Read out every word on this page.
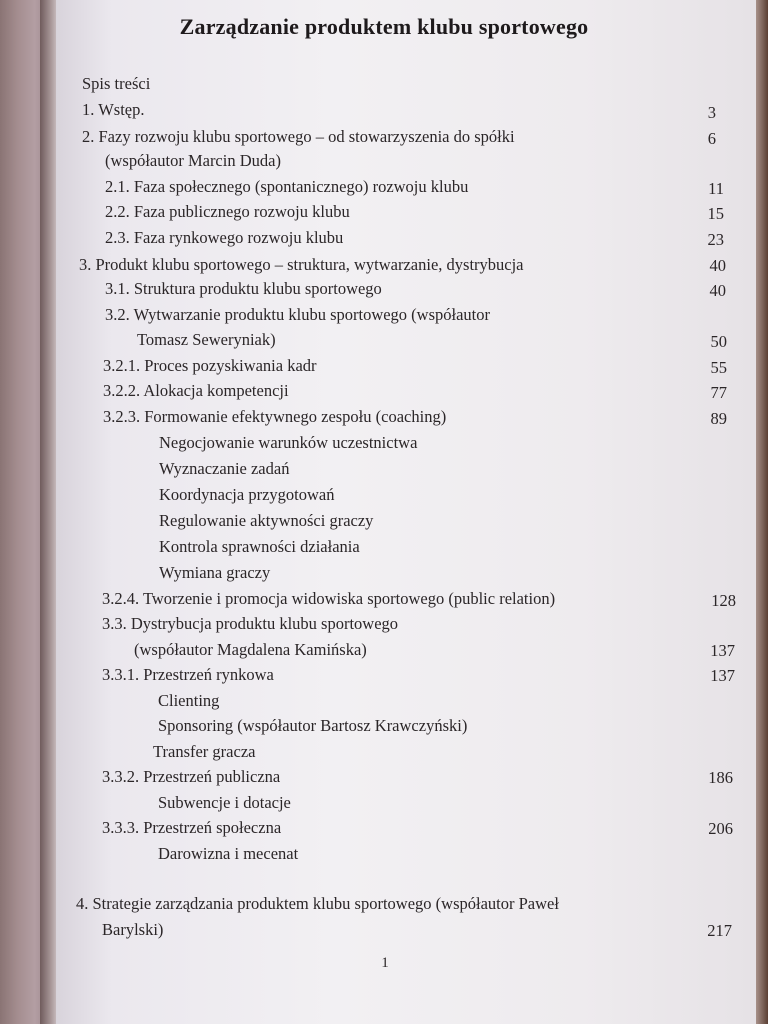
Zarządzanie produktem klubu sportowego
Spis treści
1. Wstęp.	3
2. Fazy rozwoju klubu sportowego – od stowarzyszenia do spółki	6
(współautor Marcin Duda)
2.1. Faza społecznego (spontanicznego) rozwoju klubu	11
2.2. Faza publicznego rozwoju klubu	15
2.3. Faza rynkowego rozwoju klubu	23
3. Produkt klubu sportowego – struktura, wytwarzanie, dystrybucja	40
3.1. Struktura produktu klubu sportowego	40
3.2. Wytwarzanie produktu klubu sportowego (współautor
Tomasz Seweryniak)	50
3.2.1. Proces pozyskiwania kadr	55
3.2.2. Alokacja kompetencji	77
3.2.3. Formowanie efektywnego zespołu (coaching)	89
Negocjowanie warunków uczestnictwa
Wyznaczanie zadań
Koordynacja przygotowań
Regulowanie aktywności graczy
Kontrola sprawności działania
Wymiana graczy
3.2.4. Tworzenie i promocja widowiska sportowego (public relation)	128
3.3. Dystrybucja produktu klubu sportowego
(współautor Magdalena Kamińska)	137
3.3.1. Przestrzeń rynkowa	137
Clienting
Sponsoring (współautor Bartosz Krawczyński)
Transfer gracza
3.3.2. Przestrzeń publiczna	186
Subwencje i dotacje
3.3.3. Przestrzeń społeczna	206
Darowizna i mecenat
4. Strategie zarządzania produktem klubu sportowego (współautor Paweł
Barylski)	217
1
